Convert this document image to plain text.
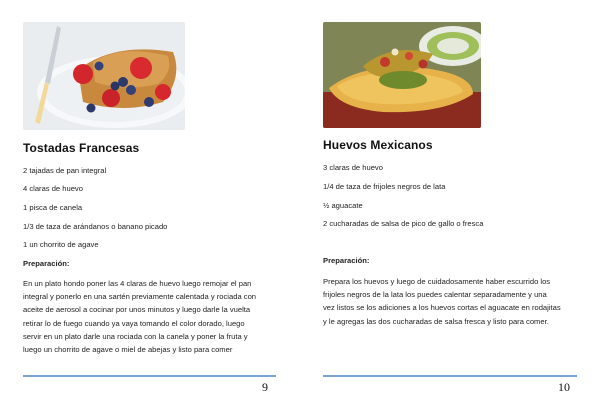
Tostadas Francesas
2 tajadas de pan integral
4 claras de huevo
1 pisca de canela
1/3 de taza de arándanos o banano picado
1 un chorrito de agave
Preparación:
En un plato hondo poner las 4 claras de huevo luego remojar el pan
integral y ponerlo en una sartén previamente calentada y rociada con
aceite de aerosol a cocinar por unos minutos y luego darle la vuelta
retirar lo de fuego cuando ya vaya tomando el color dorado, luego
servir en un plato darle una rociada con la canela y poner la fruta y
luego un chorrito de agave o miel de abejas y listo para comer
9
Huevos Mexicanos
3 claras de huevo
1/4 de taza de frijoles negros de lata
½ aguacate
2 cucharadas de salsa de pico de gallo o fresca
Preparación:
Prepara los huevos y luego de cuidadosamente haber escurrido los
frijoles negros de la lata los puedes calentar separadamente y una
vez listos se los adiciones a los huevos cortas el aguacate en rodajitas
y le agregas las dos cucharadas de salsa fresca y listo para comer.
10
